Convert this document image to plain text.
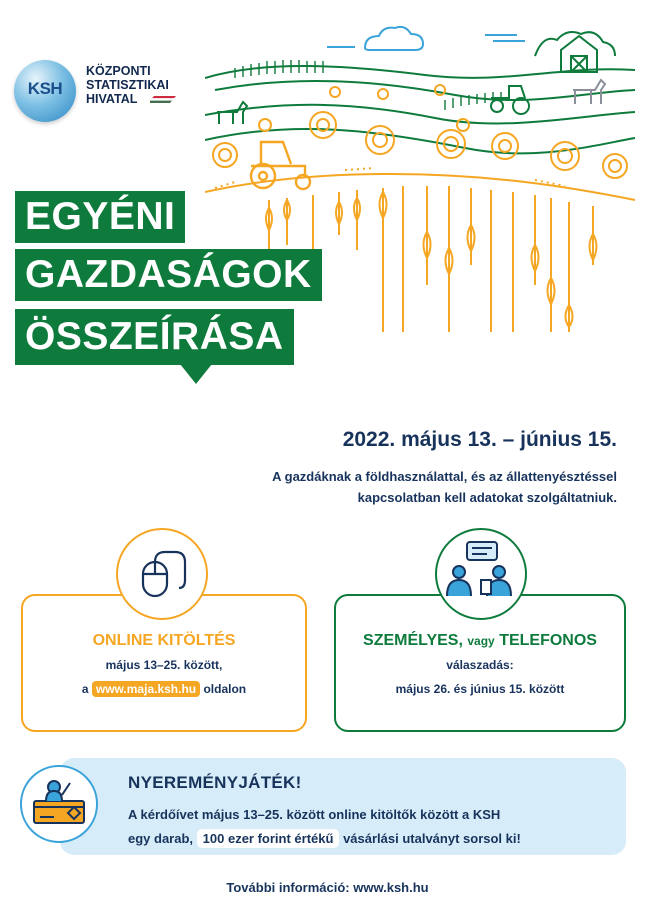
KSH
KÖZPONTI
STATISZTIKAI
HIVATAL
EGYÉNI
GAZDASÁGOK
ÖSSZEÍRÁSA
2022. május 13. – június 15.
A gazdáknak a földhasználattal, és az állattenyésztéssel
kapcsolatban kell adatokat szolgáltatniuk.
ONLINE KITÖLTÉS
május 13–25. között,
a www.maja.ksh.hu oldalon
SZEMÉLYES, vagy TELEFONOS
válaszadás:
május 26. és június 15. között
NYEREMÉNYJÁTÉK!
A kérdőívet május 13–25. között online kitöltők között a KSH
egy darab, 100 ezer forint értékű vásárlási utalványt sorsol ki!
További információ: www.ksh.hu
